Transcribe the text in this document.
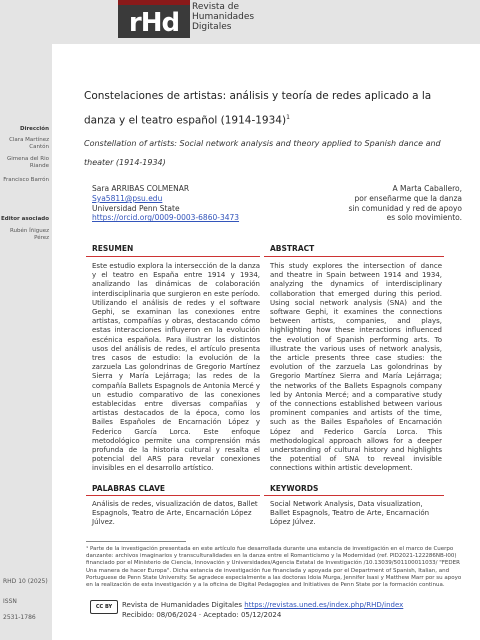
rHd
Revista de
Humanidades
Digitales
Dirección
Clara Martínez Cantón
Gimena del Rio Riande
Francisco Barrón
Editor asociado
Rubén Íñiguez Pérez
RHD 10 (2025)
ISSN
2531-1786
Constelaciones de artistas: análisis y teoría de redes aplicado a la danza y el teatro español (1914-1934)$^1$
Constellation of artists: Social network analysis and theory applied to Spanish dance and theater (1914-1934)
Sara ARRIBAS COLMENAR
Sya5811@psu.edu
Universidad Penn State
https://orcid.org/0009-0003-6860-3473
A Marta Caballero,
por enseñarme que la danza
sin comunidad y red de apoyo
es solo movimiento.
RESUMEN
Este estudio explora la intersección de la danza y el teatro en España entre 1914 y 1934, analizando las dinámicas de colaboración interdisciplinaria que surgieron en este período. Utilizando el análisis de redes y el software Gephi, se examinan las conexiones entre artistas, compañías y obras, destacando cómo estas interacciones influyeron en la evolución escénica española. Para ilustrar los distintos usos del análisis de redes, el artículo presenta tres casos de estudio: la evolución de la zarzuela Las golondrinas de Gregorio Martínez Sierra y María Lejárraga; las redes de la compañía Ballets Espagnols de Antonia Mercé y un estudio comparativo de las conexiones establecidas entre diversas compañías y artistas destacados de la época, como los Bailes Españoles de Encarnación López y Federico García Lorca. Este enfoque metodológico permite una comprensión más profunda de la historia cultural y resalta el potencial del ARS para revelar conexiones invisibles en el desarrollo artístico.
ABSTRACT
This study explores the intersection of dance and theatre in Spain between 1914 and 1934, analyzing the dynamics of interdisciplinary collaboration that emerged during this period. Using social network analysis (SNA) and the software Gephi, it examines the connections between artists, companies, and plays, highlighting how these interactions influenced the evolution of Spanish performing arts. To illustrate the various uses of network analysis, the article presents three case studies: the evolution of the zarzuela Las golondrinas by Gregorio Martínez Sierra and María Lejárraga; the networks of the Ballets Espagnols company led by Antonia Mercé; and a comparative study of the connections established between various prominent companies and artists of the time, such as the Bailes Españoles of Encarnación López and Federico García Lorca. This methodological approach allows for a deeper understanding of cultural history and highlights the potential of SNA to reveal invisible connections within artistic development.
PALABRAS CLAVE
Análisis de redes, visualización de datos, Ballet Espagnols, Teatro de Arte, Encarnación López Júlvez.
KEYWORDS
Social Network Analysis, Data visualization, Ballet Espagnols, Teatro de Arte, Encarnación López Júlvez.
¹ Parte de la investigación presentada en este artículo fue desarrollada durante una estancia de investigación en el marco de Cuerpo danzante: archivos imaginarios y transculturalidades en la danza entre el Romanticismo y la Modernidad (ref. PID2021-122286NB-I00) financiado por el Ministerio de Ciencia, Innovación y Universidades/Agencia Estatal de Investigación /10.13039/501100011033/ "FEDER Una manera de hacer Europa". Dicha estancia de investigación fue financiada y apoyada por el Department of Spanish, Italian, and Portuguese de Penn State University. Se agradece especialmente a las doctoras Idoia Murga, Jennifer Isasi y Matthew Marr por su apoyo en la realización de esta investigación y a la oficina de Digital Pedagogies and Initiatives de Penn State por la formación continua.
CC BY	Revista de Humanidades Digitales https://revistas.uned.es/index.php/RHD/index
Recibido: 08/06/2024 · Aceptado: 05/12/2024
